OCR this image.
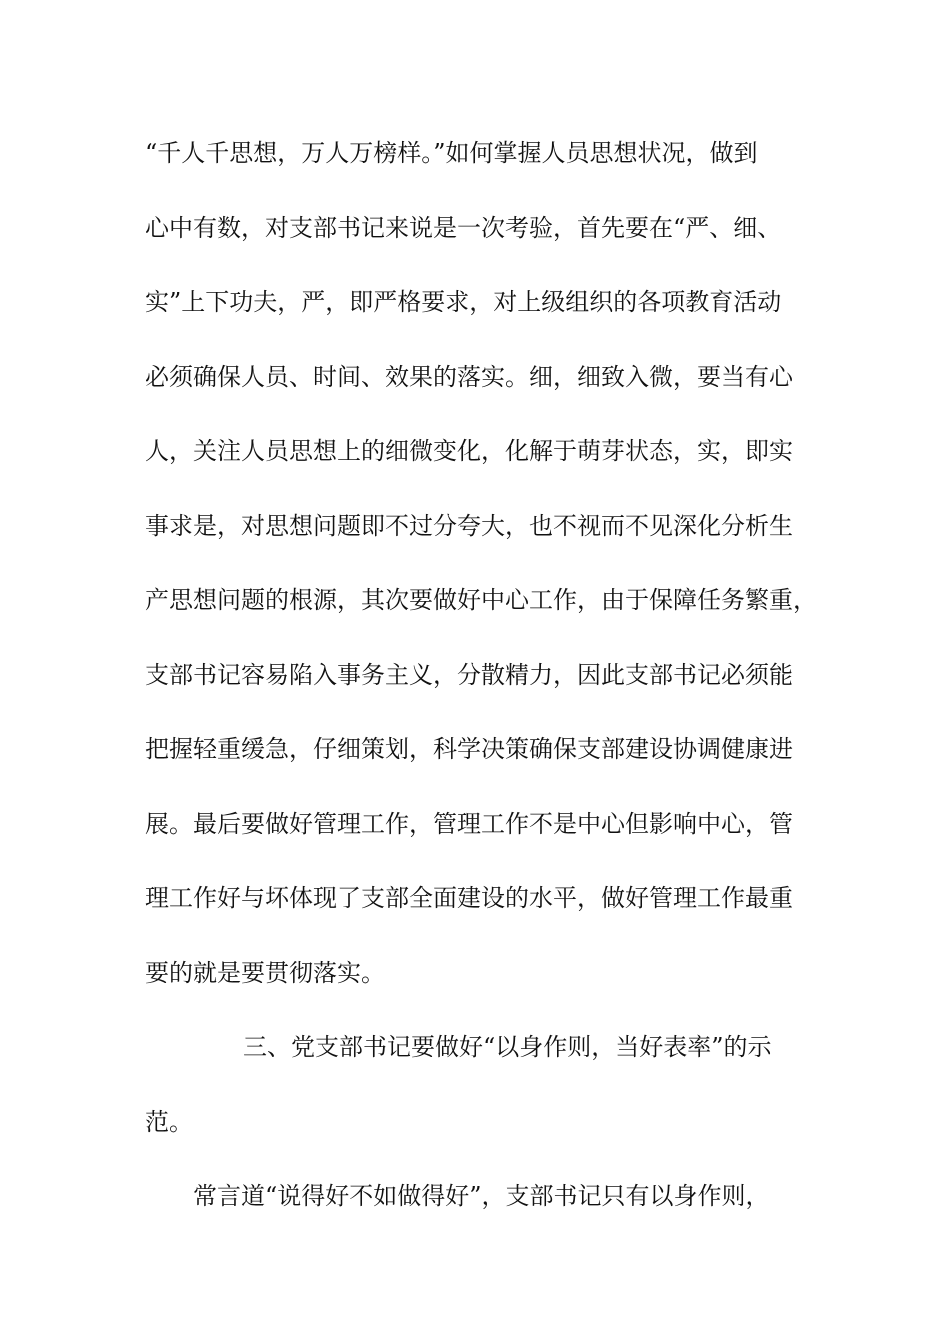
“千人千思想，万人万榜样。”如何掌握人员思想状况，做到
心中有数，对支部书记来说是一次考验，首先要在“严、细、
实”上下功夫，严，即严格要求，对上级组织的各项教育活动
必须确保人员、时间、效果的落实。细，细致入微，要当有心
人，关注人员思想上的细微变化，化解于萌芽状态，实，即实
事求是，对思想问题即不过分夸大，也不视而不见深化分析生
产思想问题的根源，其次要做好中心工作，由于保障任务繁重，
支部书记容易陷入事务主义，分散精力，因此支部书记必须能
把握轻重缓急，仔细策划，科学决策确保支部建设协调健康进
展。最后要做好管理工作，管理工作不是中心但影响中心，管
理工作好与坏体现了支部全面建设的水平，做好管理工作最重
要的就是要贯彻落实。
三、党支部书记要做好“以身作则，当好表率”的示
范。
常言道“说得好不如做得好”，支部书记只有以身作则，
